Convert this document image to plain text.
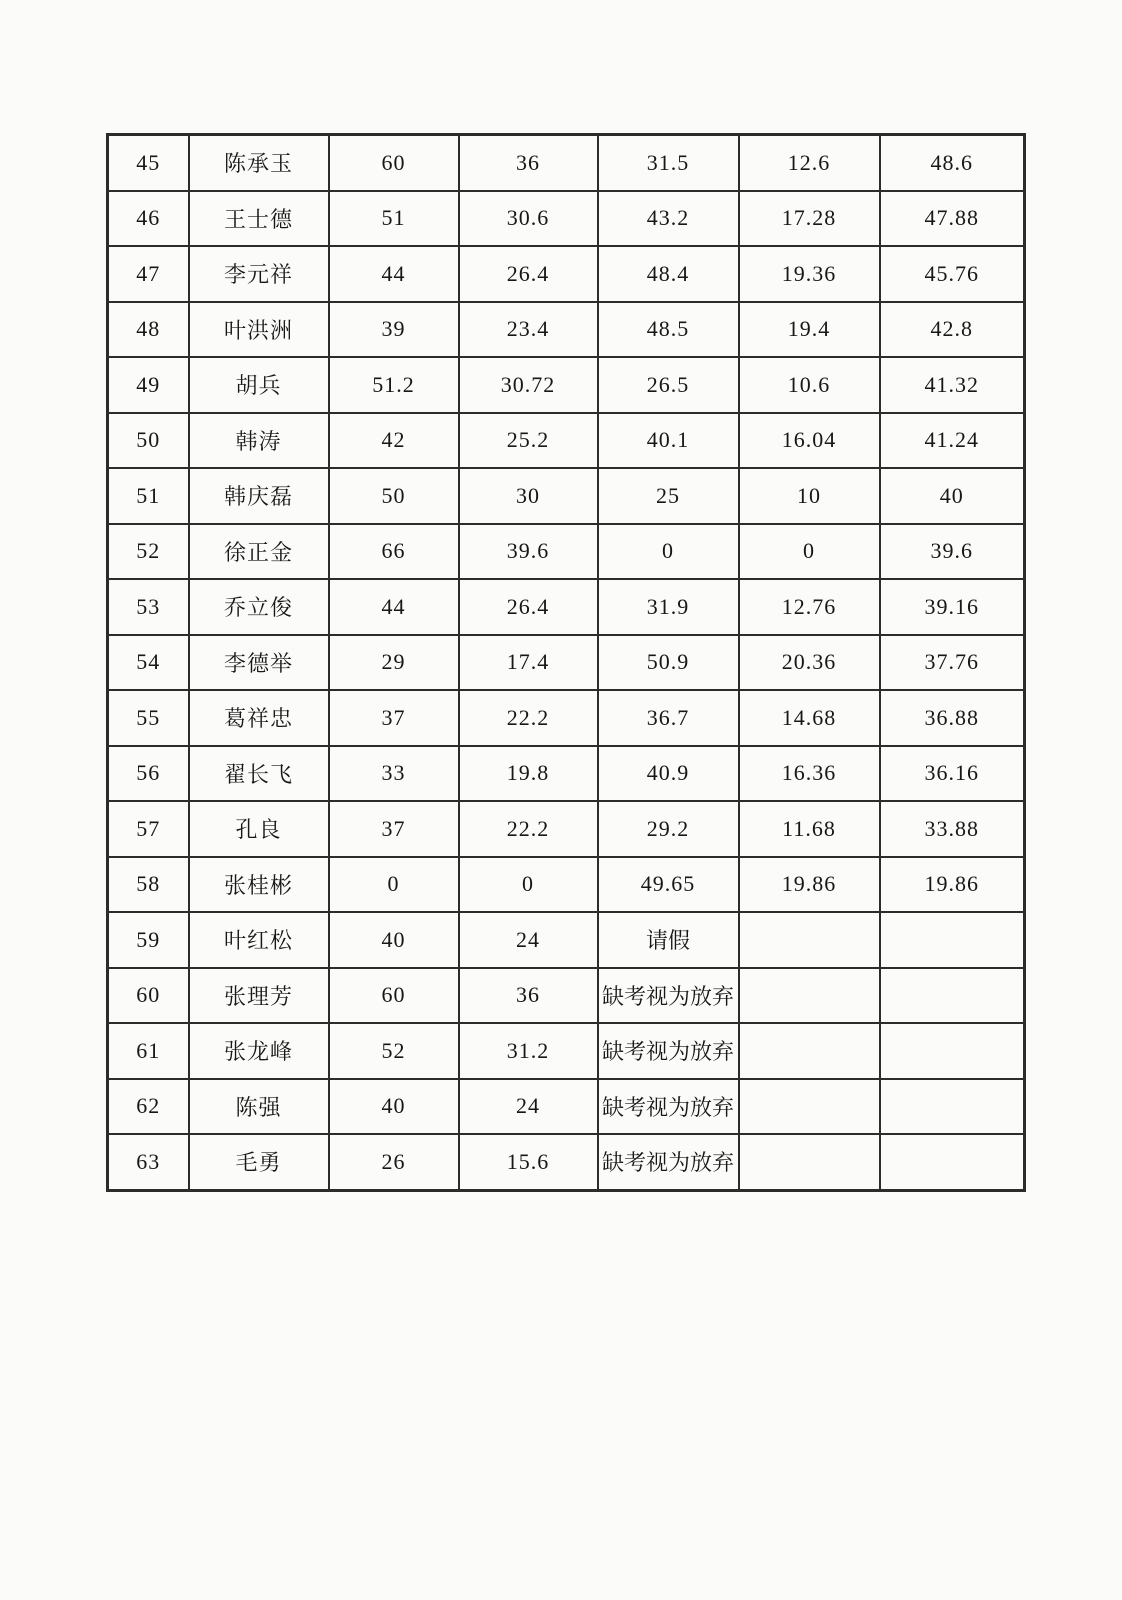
45	陈承玉	60	36	31.5	12.6	48.6
46	王士德	51	30.6	43.2	17.28	47.88
47	李元祥	44	26.4	48.4	19.36	45.76
48	叶洪洲	39	23.4	48.5	19.4	42.8
49	胡兵	51.2	30.72	26.5	10.6	41.32
50	韩涛	42	25.2	40.1	16.04	41.24
51	韩庆磊	50	30	25	10	40
52	徐正金	66	39.6	0	0	39.6
53	乔立俊	44	26.4	31.9	12.76	39.16
54	李德举	29	17.4	50.9	20.36	37.76
55	葛祥忠	37	22.2	36.7	14.68	36.88
56	翟长飞	33	19.8	40.9	16.36	36.16
57	孔良	37	22.2	29.2	11.68	33.88
58	张桂彬	0	0	49.65	19.86	19.86
59	叶红松	40	24	请假		
60	张理芳	60	36	缺考视为放弃		
61	张龙峰	52	31.2	缺考视为放弃		
62	陈强	40	24	缺考视为放弃		
63	毛勇	26	15.6	缺考视为放弃		
